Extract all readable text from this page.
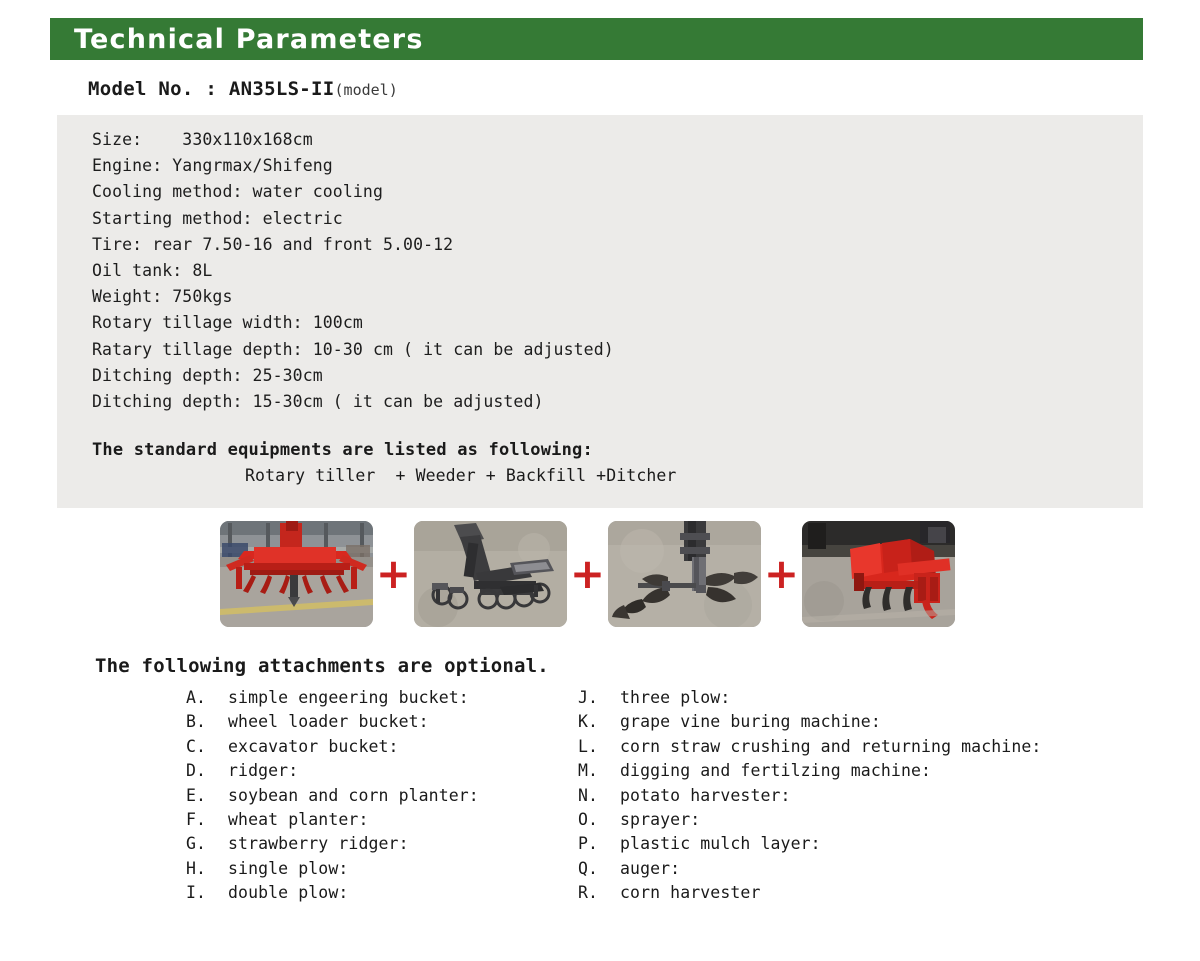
Technical Parameters
Model No. : AN35LS-II (model)
Size:    330x110x168cm
Engine: Yangrmax/Shifeng
Cooling method: water cooling
Starting method: electric
Tire: rear 7.50-16 and front 5.00-12
Oil tank: 8L
Weight: 750kgs
Rotary tillage width: 100cm
Ratary tillage depth: 10-30 cm ( it can be adjusted)
Ditching depth: 25-30cm
Ditching depth: 15-30cm ( it can be adjusted)
The standard equipments are listed as following:
Rotary tiller  + Weeder + Backfill +Ditcher
+	+	+
The following attachments are optional.
A.	simple engeering bucket:
B.	wheel loader bucket:
C.	excavator bucket:
D.	ridger:
E.	soybean and corn planter:
F.	wheat planter:
G.	strawberry ridger:
H.	single plow:
I.	double plow:
J.	three plow:
K.	grape vine buring machine:
L.	corn straw crushing and returning machine:
M.	digging and fertilzing machine:
N.	potato harvester:
O.	sprayer:
P.	plastic mulch layer:
Q.	auger:
R.	corn harvester
